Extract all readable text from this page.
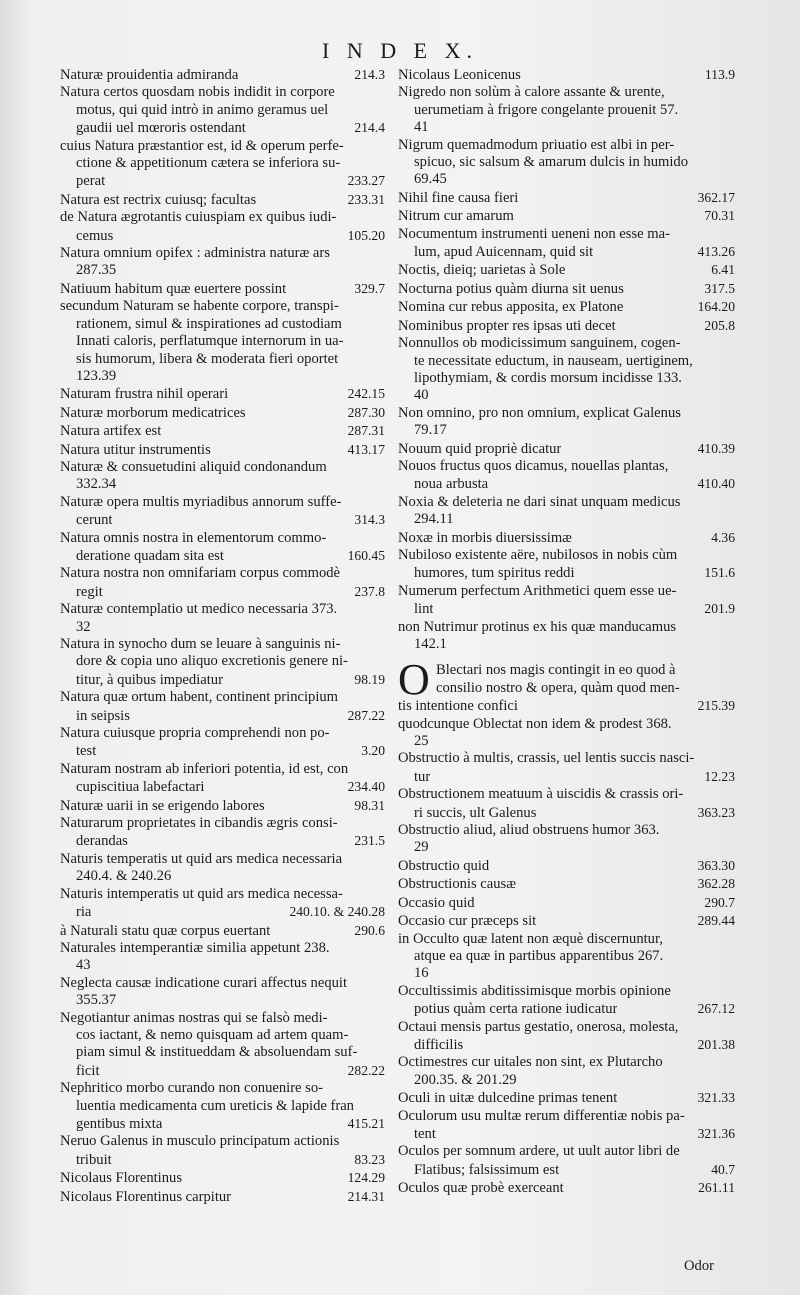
I N D E X.
Naturæ prouidentia admiranda	214.3
Natura certos quosdam nobis indidit in corpore
motus, qui quid intrò in animo geramus uel
gaudii uel mœroris ostendant	214.4
cuius Natura præstantior est, id & operum perfe-
ctione & appetitionum cætera se inferiora su-
perat	233.27
Natura est rectrix cuiusq; facultas	233.31
de Natura ægrotantis cuiuspiam ex quibus iudi-
cemus	105.20
Natura omnium opifex : administra naturæ ars
287.35
Natiuum habitum quæ euertere possint	329.7
secundum Naturam se habente corpore, transpi-
rationem, simul & inspirationes ad custodiam
Innati caloris, perflatumque internorum in ua-
sis humorum, libera & moderata fieri oportet
123.39
Naturam frustra nihil operari	242.15
Naturæ morborum medicatrices	287.30
Natura artifex est	287.31
Natura utitur instrumentis	413.17
Naturæ & consuetudini aliquid condonandum
332.34
Naturæ opera multis myriadibus annorum suffe-
cerunt	314.3
Natura omnis nostra in elementorum commo-
deratione quadam sita est	160.45
Natura nostra non omnifariam corpus commodè
regit	237.8
Naturæ contemplatio ut medico necessaria 373.
32
Natura in synocho dum se leuare à sanguinis ni-
dore & copia uno aliquo excretionis genere ni-
titur, à quibus impediatur	98.19
Natura quæ ortum habent, continent principium
in seipsis	287.22
Natura cuiusque propria comprehendi non po-
test	3.20
Naturam nostram ab inferiori potentia, id est, con
cupiscitiua labefactari	234.40
Naturæ uarii in se erigendo labores	98.31
Naturarum proprietates in cibandis ægris consi-
derandas	231.5
Naturis temperatis ut quid ars medica necessaria
240.4. & 240.26
Naturis intemperatis ut quid ars medica necessa-
ria	240.10. & 240.28
à Naturali statu quæ corpus euertant	290.6
Naturales intemperantiæ similia appetunt 238.
43
Neglecta causæ indicatione curari affectus nequit
355.37
Negotiantur animas nostras qui se falsò medi-
cos iactant, & nemo quisquam ad artem quam-
piam simul & institueddam & absoluendam suf-
ficit	282.22
Nephritico morbo curando non conuenire so-
luentia medicamenta cum ureticis & lapide fran
gentibus mixta	415.21
Neruo Galenus in musculo principatum actionis
tribuit	83.23
Nicolaus Florentinus	124.29
Nicolaus Florentinus carpitur	214.31
Nicolaus Leonicenus	113.9
Nigredo non solùm à calore assante & urente,
uerumetiam à frigore congelante prouenit 57.
41
Nigrum quemadmodum priuatio est albi in per-
spicuo, sic salsum & amarum dulcis in humido
69.45
Nihil fine causa fieri	362.17
Nitrum cur amarum	70.31
Nocumentum instrumenti ueneni non esse ma-
lum, apud Auicennam, quid sit	413.26
Noctis, dieiq; uarietas à Sole	6.41
Nocturna potius quàm diurna sit uenus	317.5
Nomina cur rebus apposita, ex Platone	164.20
Nominibus propter res ipsas uti decet	205.8
Nonnullos ob modicissimum sanguinem, cogen-
te necessitate eductum, in nauseam, uertiginem,
lipothymiam, & cordis morsum incidisse 133.
40
Non omnino, pro non omnium, explicat Galenus
79.17
Nouum quid propriè dicatur	410.39
Nouos fructus quos dicamus, nouellas plantas,
noua arbusta	410.40
Noxia & deleteria ne dari sinat unquam medicus
294.11
Noxæ in morbis diuersissimæ	4.36
Nubiloso existente aëre, nubilosos in nobis cùm
humores, tum spiritus reddi	151.6
Numerum perfectum Arithmetici quem esse ue-
lint	201.9
non Nutrimur protinus ex his quæ manducamus
142.1
O Blectari nos magis contingit in eo quod à
consilio nostro & opera, quàm quod men-
tis intentione confici	215.39
quodcunque Oblectat non idem & prodest 368.
25
Obstructio à multis, crassis, uel lentis succis nasci-
tur	12.23
Obstructionem meatuum à uiscidis & crassis ori-
ri succis, ult Galenus	363.23
Obstructio aliud, aliud obstruens humor 363.
29
Obstructio quid	363.30
Obstructionis causæ	362.28
Occasio quid	290.7
Occasio cur præceps sit	289.44
in Occulto quæ latent non æquè discernuntur,
atque ea quæ in partibus apparentibus 267.
16
Occultissimis abditissimisque morbis opinione
potius quàm certa ratione iudicatur	267.12
Octaui mensis partus gestatio, onerosa, molesta,
difficilis	201.38
Octimestres cur uitales non sint, ex Plutarcho
200.35. & 201.29
Oculi in uitæ dulcedine primas tenent	321.33
Oculorum usu multæ rerum differentiæ nobis pa-
tent	321.36
Oculos per somnum ardere, ut uult autor libri de
Flatibus; falsissimum est	40.7
Oculos quæ probè exerceant	261.11
Odor
